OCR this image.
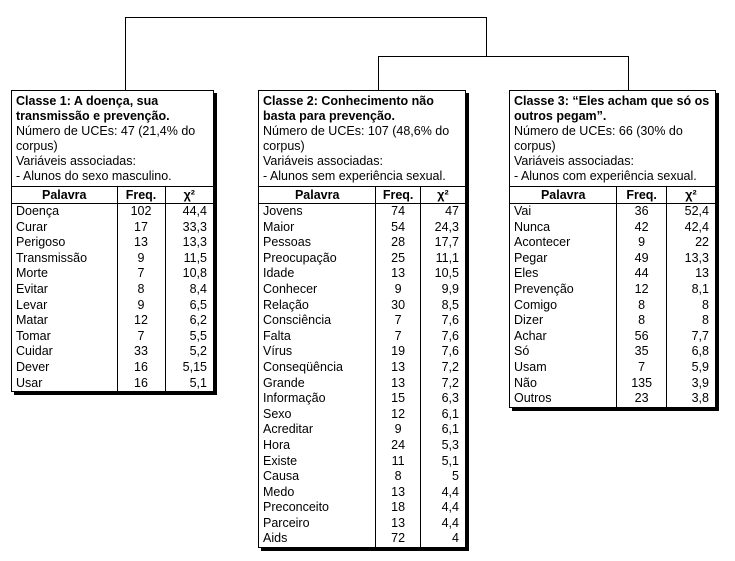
Classe 1: A doença, sua transmissão e prevenção.
Número de UCEs: 47 (21,4% do corpus)
Variáveis associadas:
- Alunos do sexo masculino.
Palavra	Freq.	χ²
Doença	102	44,4
Curar	17	33,3
Perigoso	13	13,3
Transmissão	9	11,5
Morte	7	10,8
Evitar	8	8,4
Levar	9	6,5
Matar	12	6,2
Tomar	7	5,5
Cuidar	33	5,2
Dever	16	5,15
Usar	16	5,1
Classe 2: Conhecimento não basta para prevenção.
Número de UCEs: 107 (48,6% do corpus)
Variáveis associadas:
- Alunos sem experiência sexual.
Palavra	Freq.	χ²
Jovens	74	47
Maior	54	24,3
Pessoas	28	17,7
Preocupação	25	11,1
Idade	13	10,5
Conhecer	9	9,9
Relação	30	8,5
Consciência	7	7,6
Falta	7	7,6
Vírus	19	7,6
Conseqüência	13	7,2
Grande	13	7,2
Informação	15	6,3
Sexo	12	6,1
Acreditar	9	6,1
Hora	24	5,3
Existe	11	5,1
Causa	8	5
Medo	13	4,4
Preconceito	18	4,4
Parceiro	13	4,4
Aids	72	4
Classe 3: “Eles acham que só os outros pegam”.
Número de UCEs: 66 (30% do corpus)
Variáveis associadas:
- Alunos com experiência sexual.
Palavra	Freq.	χ²
Vai	36	52,4
Nunca	42	42,4
Acontecer	9	22
Pegar	49	13,3
Eles	44	13
Prevenção	12	8,1
Comigo	8	8
Dizer	8	8
Achar	56	7,7
Só	35	6,8
Usam	7	5,9
Não	135	3,9
Outros	23	3,8
